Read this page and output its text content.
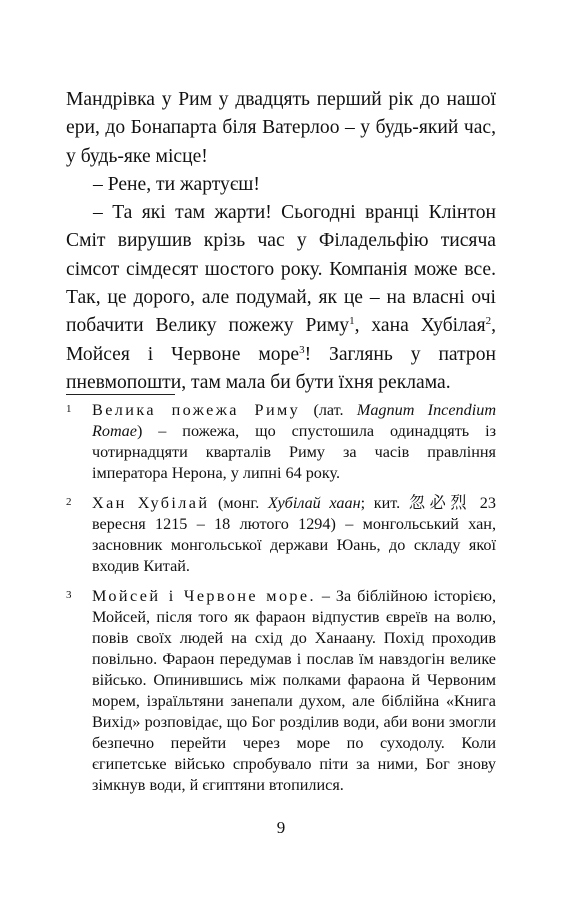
Мандрівка у Рим у двадцять перший рік до нашої ери, до Бонапарта біля Ватерлоо – у будь-який час, у будь-яке місце!

– Рене, ти жартуєш!

– Та які там жарти! Сьогодні вранці Клінтон Сміт вирушив крізь час у Філадельфію тисяча сімсот сімдесят шостого року. Компанія може все. Так, це дорого, але подумай, як це – на власні очі побачити Велику пожежу Риму$^1$, хана Хубілая$^2$, Мойсея і Червоне море$^3$! Заглянь у патрон пневмопошти, там мала би бути їхня реклама.

1 Велика пожежа Риму (лат. Magnum Incendium Romae) – пожежа, що спустошила одинадцять із чотирнадцяти кварталів Риму за часів правління імператора Нерона, у липні 64 року.
2 Хан Хубілай (монг. Хубілай хаан; кит. 忽必烈 23 вересня 1215 – 18 лютого 1294) – монгольський хан, засновник монгольської держави Юань, до складу якої входив Китай.
3 Мойсей і Червоне море. – За біблійною історією, Мойсей, після того як фараон відпустив євреїв на волю, повів своїх людей на схід до Ханаану. Похід проходив повільно. Фараон передумав і послав їм навздогін велике військо. Опинившись між полками фараона й Червоним морем, ізраїльтяни занепали духом, але біблійна «Книга Вихід» розповідає, що Бог розділив води, аби вони змогли безпечно перейти через море по суходолу. Коли єгипетське військо спробувало піти за ними, Бог знову зімкнув води, й єгиптяни втопилися.
9
